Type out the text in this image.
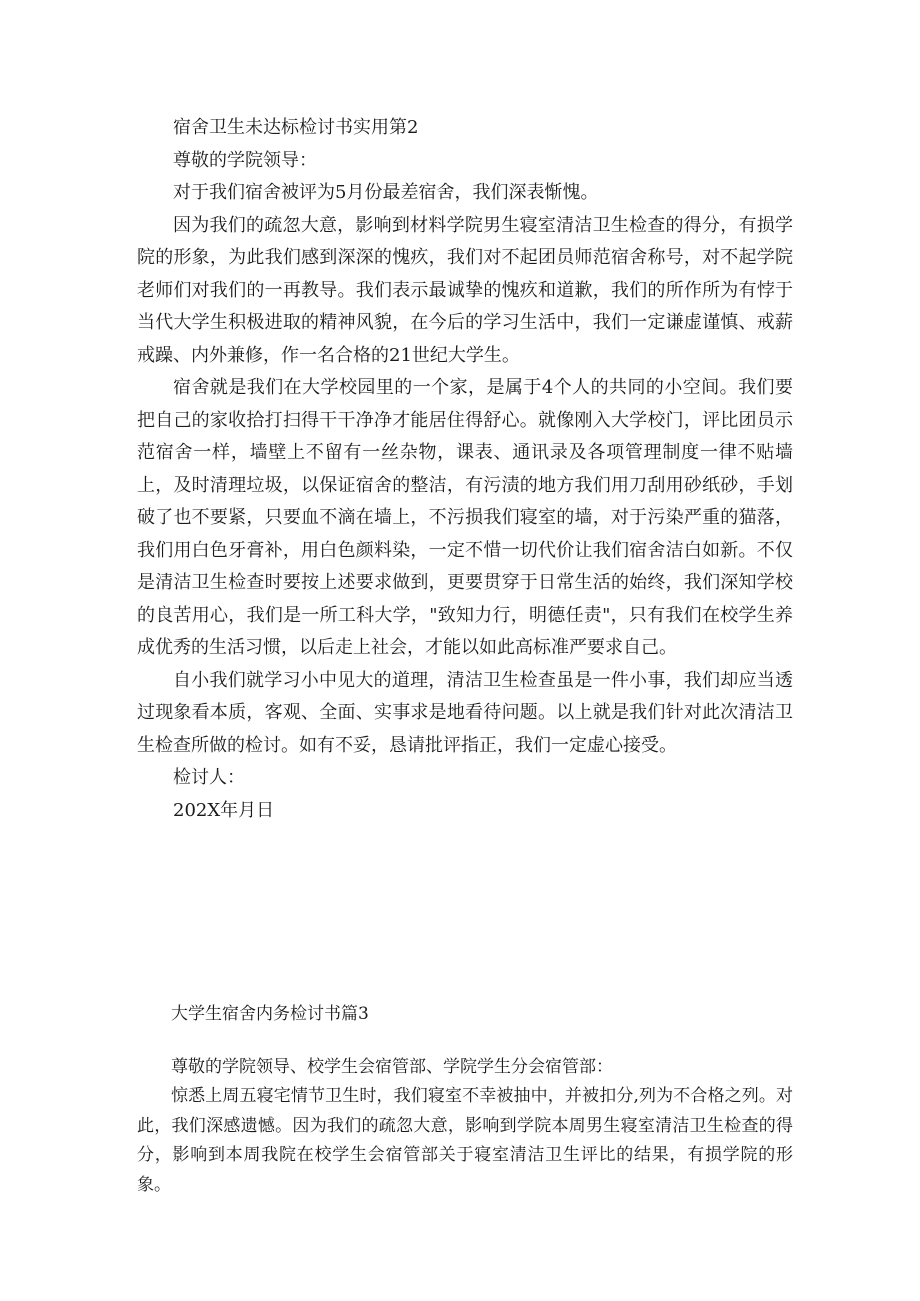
宿舍卫生未达标检讨书实用第2

尊敬的学院领导：

对于我们宿舍被评为5月份最差宿舍，我们深表惭愧。

因为我们的疏忽大意，影响到材料学院男生寝室清洁卫生检查的得分，有损学院的形象，为此我们感到深深的愧疚，我们对不起团员师范宿舍称号，对不起学院老师们对我们的一再教导。我们表示最诚挚的愧疚和道歉，我们的所作所为有悖于当代大学生积极进取的精神风貌，在今后的学习生活中，我们一定谦虚谨慎、戒薪戒躁、内外兼修，作一名合格的21世纪大学生。

宿舍就是我们在大学校园里的一个家，是属于4个人的共同的小空间。我们要把自己的家收拾打扫得干干净净才能居住得舒心。就像刚入大学校门，评比团员示范宿舍一样，墙壁上不留有一丝杂物，课表、通讯录及各项管理制度一律不贴墙上，及时清理垃圾，以保证宿舍的整洁，有污渍的地方我们用刀刮用砂纸砂，手划破了也不要紧，只要血不滴在墙上，不污损我们寝室的墙，对于污染严重的猫落，我们用白色牙膏补，用白色颜料染，一定不惜一切代价让我们宿舍洁白如新。不仅是清洁卫生检查时要按上述要求做到，更要贯穿于日常生活的始终，我们深知学校的良苦用心，我们是一所工科大学，"致知力行，明德任责"，只有我们在校学生养成优秀的生活习惯，以后走上社会，才能以如此高标准严要求自己。

自小我们就学习小中见大的道理，清洁卫生检查虽是一件小事，我们却应当透过现象看本质，客观、全面、实事求是地看待问题。以上就是我们针对此次清洁卫生检查所做的检讨。如有不妥，恳请批评指正，我们一定虚心接受。

检讨人：

202X年月日

大学生宿舍内务检讨书篇3

尊敬的学院领导、校学生会宿管部、学院学生分会宿管部：

惊悉上周五寝宅情节卫生时，我们寝室不幸被抽中，并被扣分,列为不合格之列。对此，我们深感遗憾。因为我们的疏忽大意，影响到学院本周男生寝室清洁卫生检查的得分，影响到本周我院在校学生会宿管部关于寝室清洁卫生评比的结果，有损学院的形象。
